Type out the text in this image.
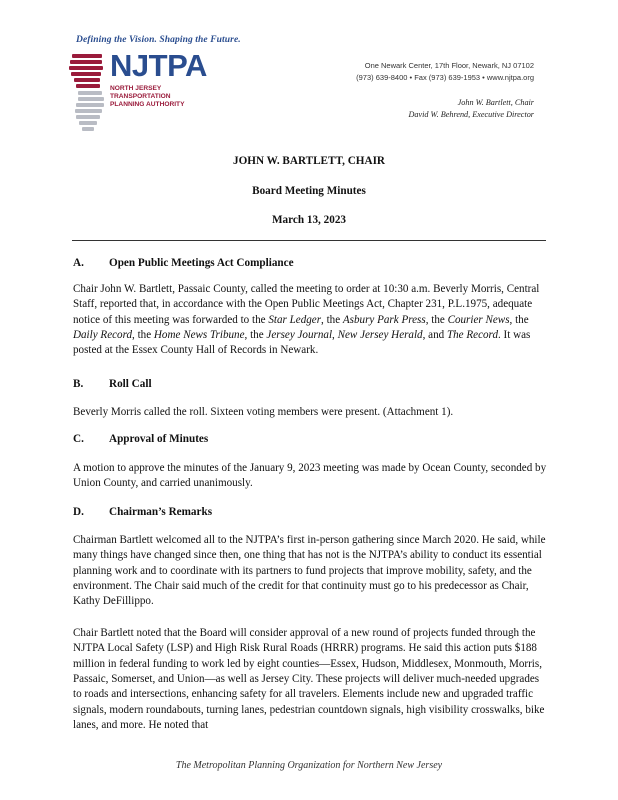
Defining the Vision. Shaping the Future.
NJTPA
NORTH JERSEY
TRANSPORTATION
PLANNING AUTHORITY
One Newark Center, 17th Floor, Newark, NJ 07102
(973) 639-8400 • Fax (973) 639-1953 • www.njtpa.org
John W. Bartlett, Chair
David W. Behrend, Executive Director
JOHN W. BARTLETT, CHAIR
Board Meeting Minutes
March 13, 2023
A. Open Public Meetings Act Compliance
Chair John W. Bartlett, Passaic County, called the meeting to order at 10:30 a.m. Beverly Morris, Central Staff, reported that, in accordance with the Open Public Meetings Act, Chapter 231, P.L.1975, adequate notice of this meeting was forwarded to the Star Ledger, the Asbury Park Press, the Courier News, the Daily Record, the Home News Tribune, the Jersey Journal, New Jersey Herald, and The Record. It was posted at the Essex County Hall of Records in Newark.
B. Roll Call
Beverly Morris called the roll. Sixteen voting members were present. (Attachment 1).
C. Approval of Minutes
A motion to approve the minutes of the January 9, 2023 meeting was made by Ocean County, seconded by Union County, and carried unanimously.
D. Chairman’s Remarks
Chairman Bartlett welcomed all to the NJTPA’s first in-person gathering since March 2020. He said, while many things have changed since then, one thing that has not is the NJTPA’s ability to conduct its essential planning work and to coordinate with its partners to fund projects that improve mobility, safety, and the environment. The Chair said much of the credit for that continuity must go to his predecessor as Chair, Kathy DeFillippo.
Chair Bartlett noted that the Board will consider approval of a new round of projects funded through the NJTPA Local Safety (LSP) and High Risk Rural Roads (HRRR) programs. He said this action puts $188 million in federal funding to work led by eight counties—Essex, Hudson, Middlesex, Monmouth, Morris, Passaic, Somerset, and Union—as well as Jersey City. These projects will deliver much-needed upgrades to roads and intersections, enhancing safety for all travelers. Elements include new and upgraded traffic signals, modern roundabouts, turning lanes, pedestrian countdown signals, high visibility crosswalks, bike lanes, and more. He noted that
The Metropolitan Planning Organization for Northern New Jersey
